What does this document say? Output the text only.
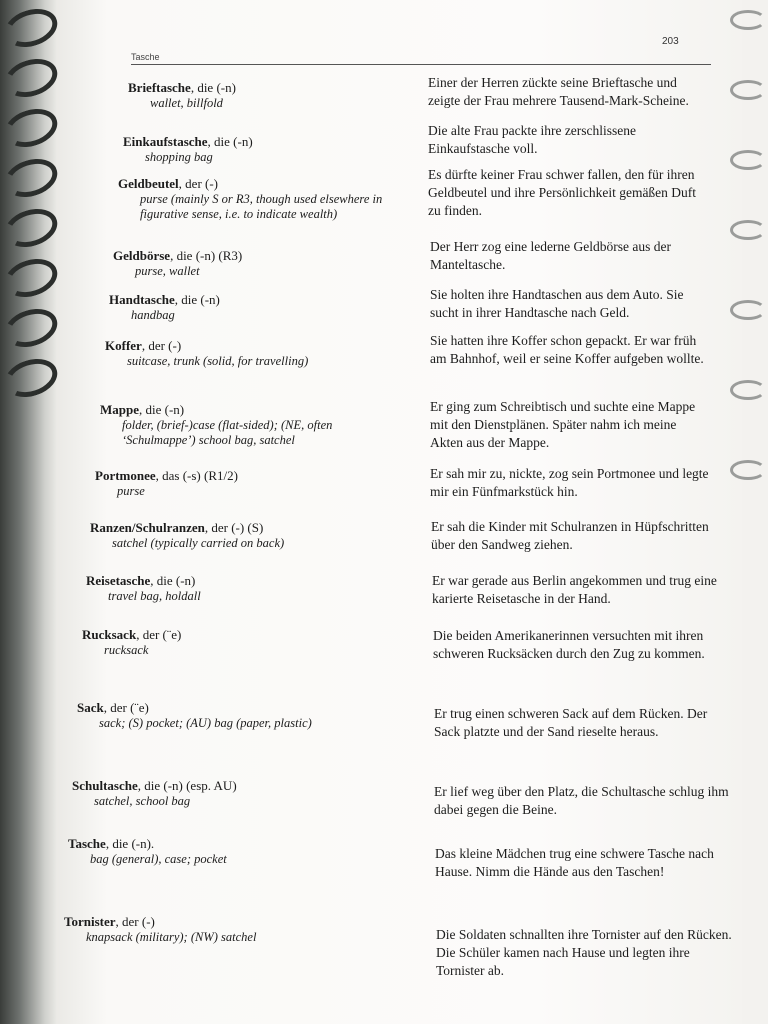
Tasche
203
Brieftasche, die (-n)
wallet, billfold
Einer der Herren zückte seine Brieftasche und zeigte der Frau mehrere Tausend-Mark-Scheine.
Einkaufstasche, die (-n)
shopping bag
Die alte Frau packte ihre zerschlissene Einkaufstasche voll.
Geldbeutel, der (-)
purse (mainly S or R3, though used elsewhere in figurative sense, i.e. to indicate wealth)
Es dürfte keiner Frau schwer fallen, den für ihren Geldbeutel und ihre Persönlichkeit gemäßen Duft zu finden.
Geldbörse, die (-n) (R3)
purse, wallet
Der Herr zog eine lederne Geldbörse aus der Manteltasche.
Handtasche, die (-n)
handbag
Sie holten ihre Handtaschen aus dem Auto. Sie sucht in ihrer Handtasche nach Geld.
Koffer, der (-)
suitcase, trunk (solid, for travelling)
Sie hatten ihre Koffer schon gepackt. Er war früh am Bahnhof, weil er seine Koffer aufgeben wollte.
Mappe, die (-n)
folder, (brief-)case (flat-sided); (NE, often ‘Schulmappe’) school bag, satchel
Er ging zum Schreibtisch und suchte eine Mappe mit den Dienstplänen. Später nahm ich meine Akten aus der Mappe.
Portmonee, das (-s) (R1/2)
purse
Er sah mir zu, nickte, zog sein Portmonee und legte mir ein Fünfmarkstück hin.
Ranzen/Schulranzen, der (-) (S)
satchel (typically carried on back)
Er sah die Kinder mit Schulranzen in Hüpfschritten über den Sandweg ziehen.
Reisetasche, die (-n)
travel bag, holdall
Er war gerade aus Berlin angekommen und trug eine karierte Reisetasche in der Hand.
Rucksack, der (¨e)
rucksack
Die beiden Amerikanerinnen versuchten mit ihren schweren Rucksäcken durch den Zug zu kommen.
Sack, der (¨e)
sack; (S) pocket; (AU) bag (paper, plastic)
Er trug einen schweren Sack auf dem Rücken. Der Sack platzte und der Sand rieselte heraus.
Schultasche, die (-n) (esp. AU)
satchel, school bag
Er lief weg über den Platz, die Schultasche schlug ihm dabei gegen die Beine.
Tasche, die (-n).
bag (general), case; pocket	Das kleine Mädchen trug eine schwere Tasche nach Hause. Nimm die Hände aus den Taschen!
Tornister, der (-)
knapsack (military); (NW) satchel	Die Soldaten schnallten ihre Tornister auf den Rücken. Die Schüler kamen nach Hause und legten ihre Tornister ab.
